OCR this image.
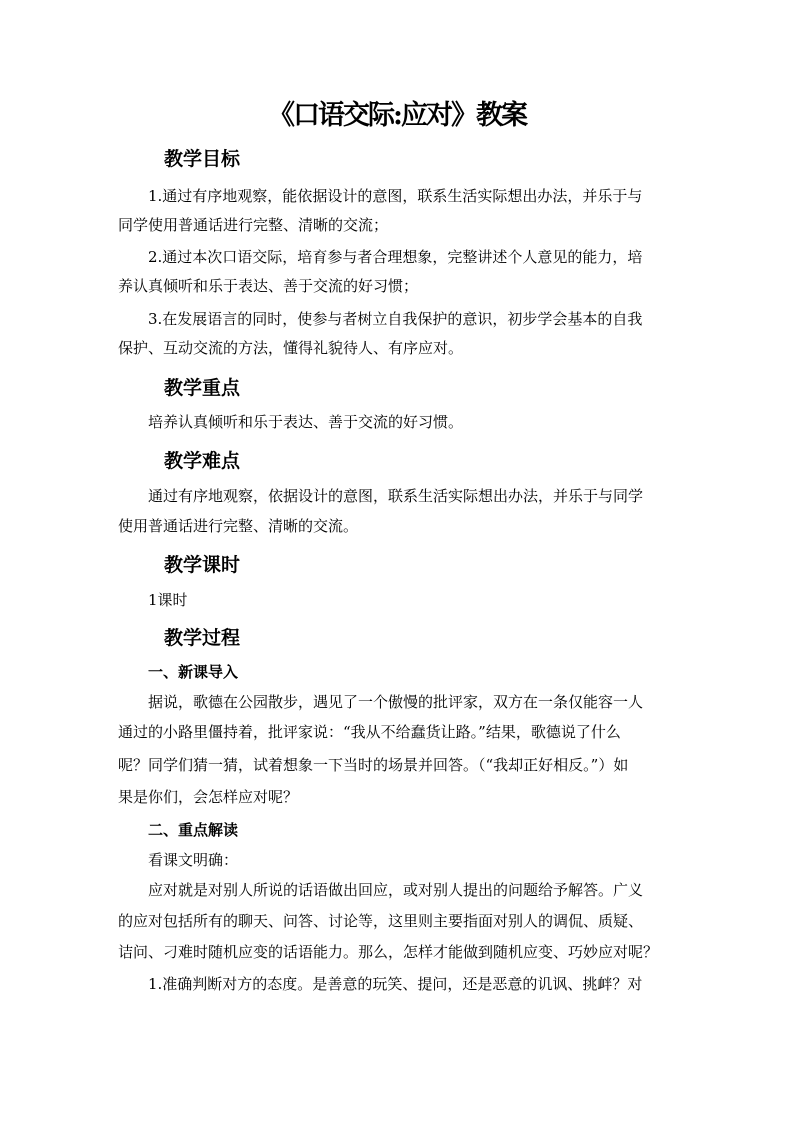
《口语交际:应对》教案
教学目标
1.通过有序地观察，能依据设计的意图，联系生活实际想出办法，并乐于与
同学使用普通话进行完整、清晰的交流；
2.通过本次口语交际，培育参与者合理想象，完整讲述个人意见的能力，培
养认真倾听和乐于表达、善于交流的好习惯；
3.在发展语言的同时，使参与者树立自我保护的意识，初步学会基本的自我
保护、互动交流的方法，懂得礼貌待人、有序应对。
教学重点
培养认真倾听和乐于表达、善于交流的好习惯。
教学难点
通过有序地观察，依据设计的意图，联系生活实际想出办法，并乐于与同学
使用普通话进行完整、清晰的交流。
教学课时
1课时
教学过程
一、新课导入
据说，歌德在公园散步，遇见了一个傲慢的批评家，双方在一条仅能容一人
通过的小路里僵持着，批评家说：“我从不给蠢货让路。”结果，歌德说了什么
呢？同学们猜一猜，试着想象一下当时的场景并回答。（“我却正好相反。”）如
果是你们，会怎样应对呢？
二、重点解读
看课文明确：
应对就是对别人所说的话语做出回应，或对别人提出的问题给予解答。广义
的应对包括所有的聊天、问答、讨论等，这里则主要指面对别人的调侃、质疑、
诘问、刁难时随机应变的话语能力。那么，怎样才能做到随机应变、巧妙应对呢？
1.准确判断对方的态度。是善意的玩笑、提问，还是恶意的讥讽、挑衅？对
